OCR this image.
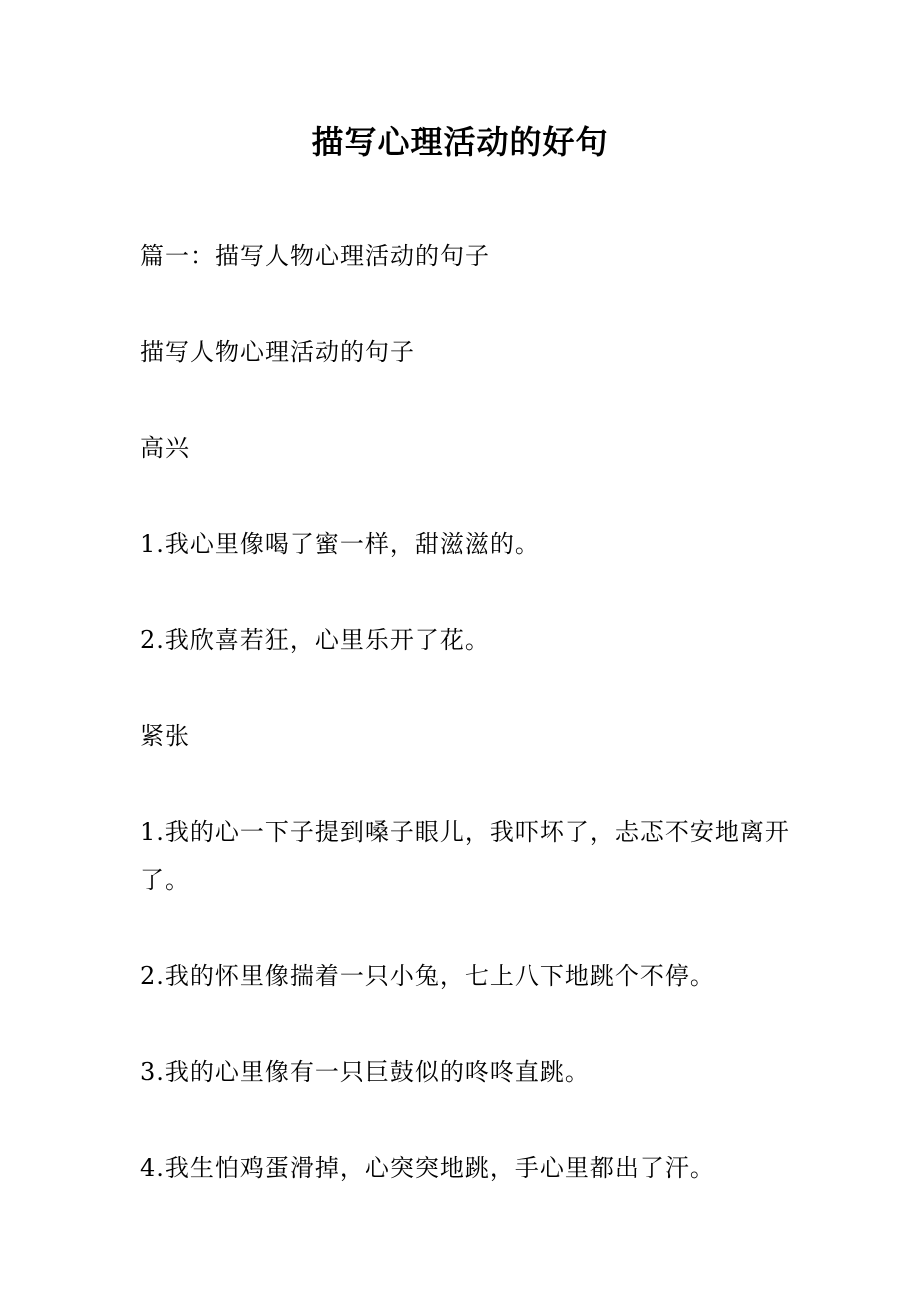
描写心理活动的好句

篇一：描写人物心理活动的句子

描写人物心理活动的句子

高兴

1.我心里像喝了蜜一样，甜滋滋的。

2.我欣喜若狂，心里乐开了花。

紧张

1.我的心一下子提到嗓子眼儿，我吓坏了，忐忑不安地离开了。

2.我的怀里像揣着一只小兔，七上八下地跳个不停。

3.我的心里像有一只巨鼓似的咚咚直跳。

4.我生怕鸡蛋滑掉，心突突地跳，手心里都出了汗。
